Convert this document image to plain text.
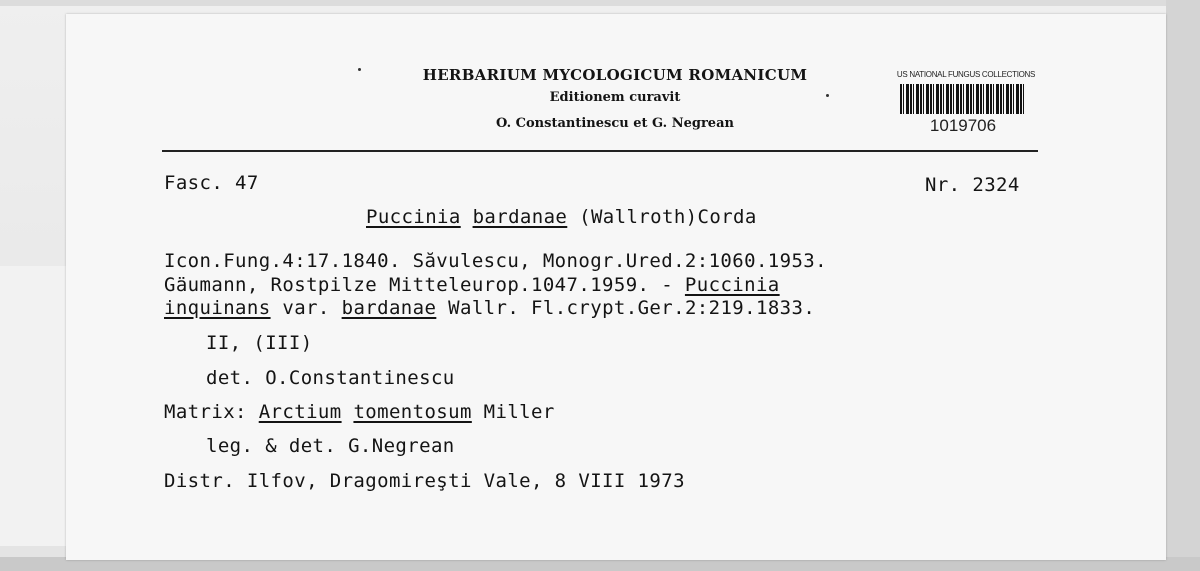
HERBARIUM MYCOLOGICUM ROMANICUM
Editionem curavit
O. Constantinescu et G. Negrean
US NATIONAL FUNGUS COLLECTIONS
1019706
Fasc. 47	Nr. 2324
Puccinia bardanae (Wallroth)Corda
Icon.Fung.4:17.1840. Săvulescu, Monogr.Ured.2:1060.1953.
Gäumann, Rostpilze Mitteleurop.1047.1959. - Puccinia
inquinans var. bardanae Wallr. Fl.crypt.Ger.2:219.1833.
II, (III)
det. O.Constantinescu
Matrix: Arctium tomentosum Miller
leg. & det. G.Negrean
Distr. Ilfov, Dragomireşti Vale, 8 VIII 1973
